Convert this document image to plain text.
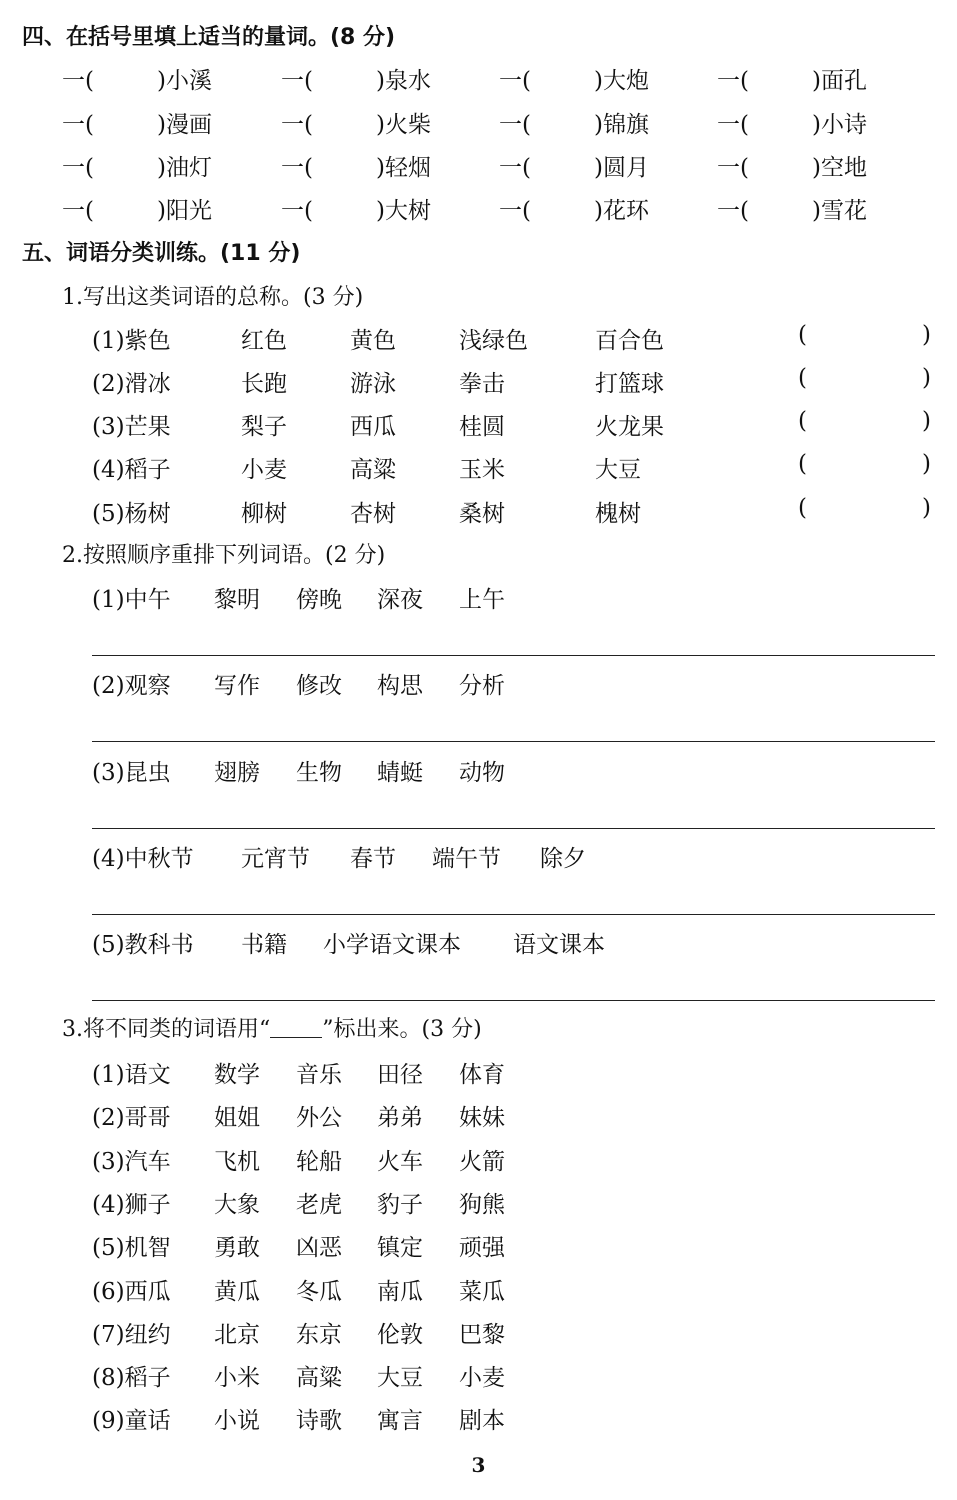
四、在括号里填上适当的量词。(8 分)
一(	)小溪	一(	)泉水	一(	)大炮	一(	)面孔
一(	)漫画	一(	)火柴	一(	)锦旗	一(	)小诗
一(	)油灯	一(	)轻烟	一(	)圆月	一(	)空地
一(	)阳光	一(	)大树	一(	)花环	一(	)雪花
五、词语分类训练。(11 分)
1.写出这类词语的总称。(3 分)
(1)紫色	红色	黄色	浅绿色	百合色	(	)
(2)滑冰	长跑	游泳	拳击	打篮球	(	)
(3)芒果	梨子	西瓜	桂圆	火龙果	(	)
(4)稻子	小麦	高粱	玉米	大豆	(	)
(5)杨树	柳树	杏树	桑树	槐树	(	)
2.按照顺序重排下列词语。(2 分)
(1)中午 黎明 傍晚 深夜 上午
(2)观察 写作 修改 构思 分析
(3)昆虫 翅膀 生物 蜻蜓 动物
(4)中秋节 元宵节 春节 端午节 除夕
(5)教科书 书籍 小学语文课本 语文课本
3.将不同类的词语用“ ”标出来。(3 分)
(1)语文 数学 音乐 田径 体育
(2)哥哥 姐姐 外公 弟弟 妹妹
(3)汽车 飞机 轮船 火车 火箭
(4)狮子 大象 老虎 豹子 狗熊
(5)机智 勇敢 凶恶 镇定 顽强
(6)西瓜 黄瓜 冬瓜 南瓜 菜瓜
(7)纽约 北京 东京 伦敦 巴黎
(8)稻子 小米 高粱 大豆 小麦
(9)童话 小说 诗歌 寓言 剧本
3
